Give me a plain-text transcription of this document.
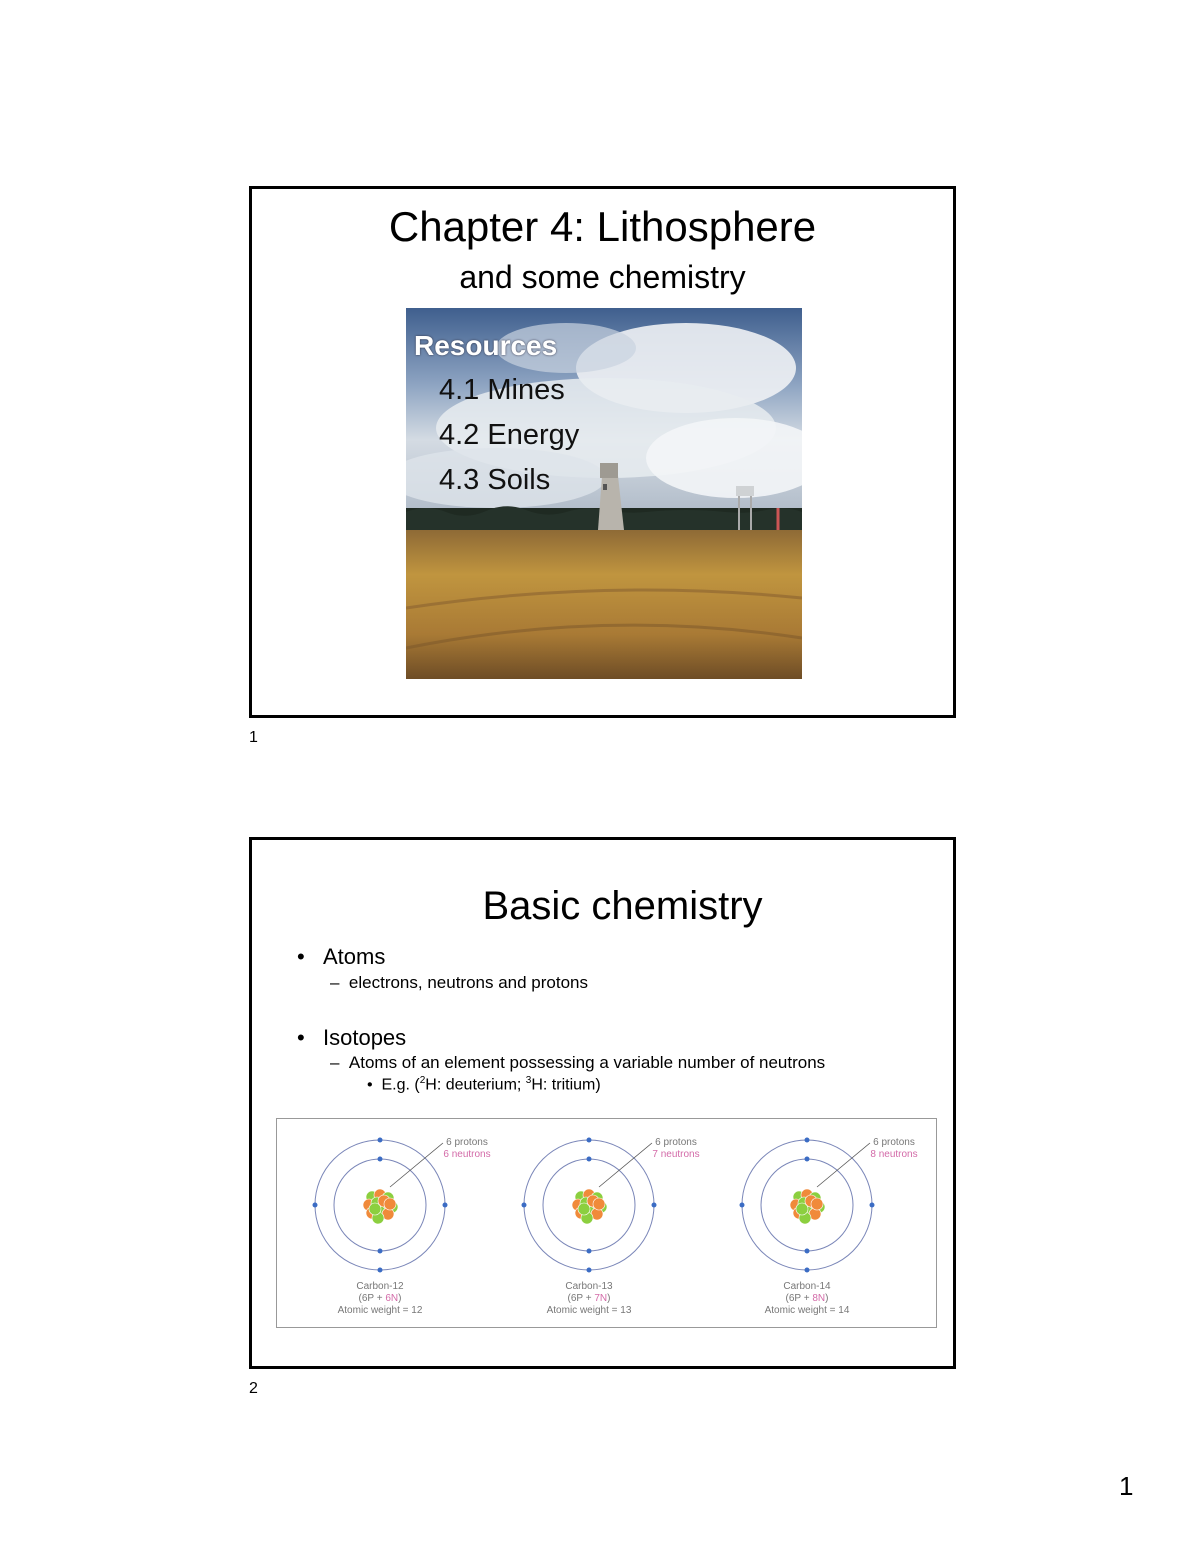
Chapter 4: Lithosphere
and some chemistry
Resources
4.1 Mines
4.2 Energy
4.3 Soils
1
Basic chemistry
• Atoms
–  electrons, neutrons and protons
• Isotopes
–  Atoms of an element possessing a variable number of neutrons
•  E.g. ($^2$H: deuterium; $^3$H: tritium)
6 protons
6 neutrons
Carbon-12
(6P + 6N)
Atomic weight = 12
6 protons
7 neutrons
Carbon-13
(6P + 7N)
Atomic weight = 13
6 protons
8 neutrons
Carbon-14
(6P + 8N)
Atomic weight = 14
2
1
